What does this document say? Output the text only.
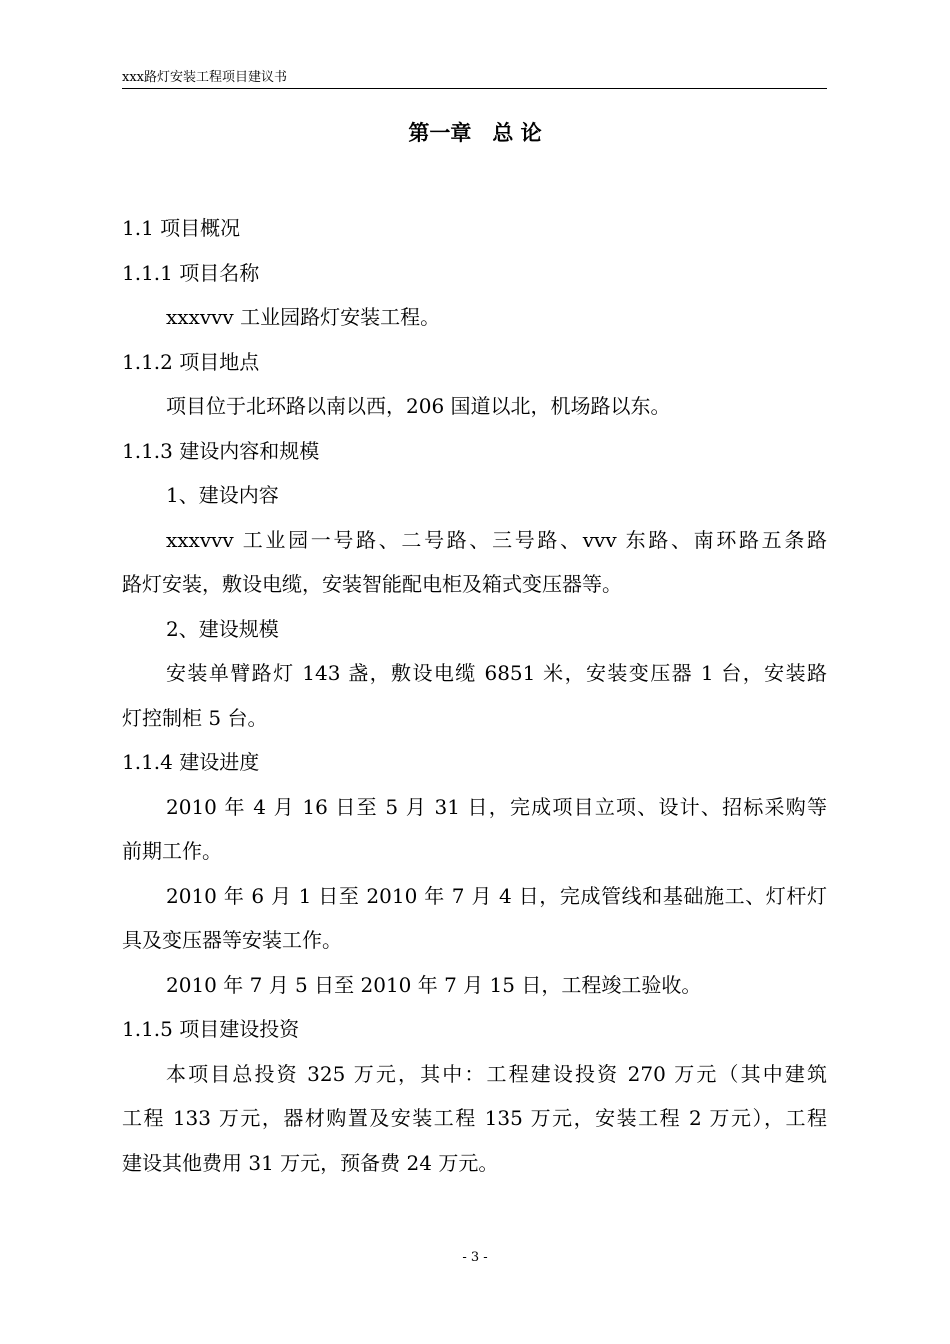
xxx路灯安装工程项目建议书
第一章　总 论
1.1 项目概况
1.1.1 项目名称
xxxvvv 工业园路灯安装工程。
1.1.2 项目地点
项目位于北环路以南以西，206 国道以北，机场路以东。
1.1.3 建设内容和规模
1、建设内容
xxxvvv 工业园一号路、二号路、三号路、vvv 东路、南环路五条路
路灯安装，敷设电缆，安装智能配电柜及箱式变压器等。
2、建设规模
安装单臂路灯 143 盏，敷设电缆 6851 米，安装变压器 1 台，安装路
灯控制柜 5 台。
1.1.4 建设进度
2010 年 4 月 16 日至 5 月 31 日，完成项目立项、设计、招标采购等
前期工作。
2010 年 6 月 1 日至 2010 年 7 月 4 日，完成管线和基础施工、灯杆灯
具及变压器等安装工作。
2010 年 7 月 5 日至 2010 年 7 月 15 日，工程竣工验收。
1.1.5 项目建设投资
本项目总投资 325 万元，其中：工程建设投资 270 万元（其中建筑
工程 133 万元，器材购置及安装工程 135 万元，安装工程 2 万元），工程
建设其他费用 31 万元，预备费 24 万元。
- 3 -
